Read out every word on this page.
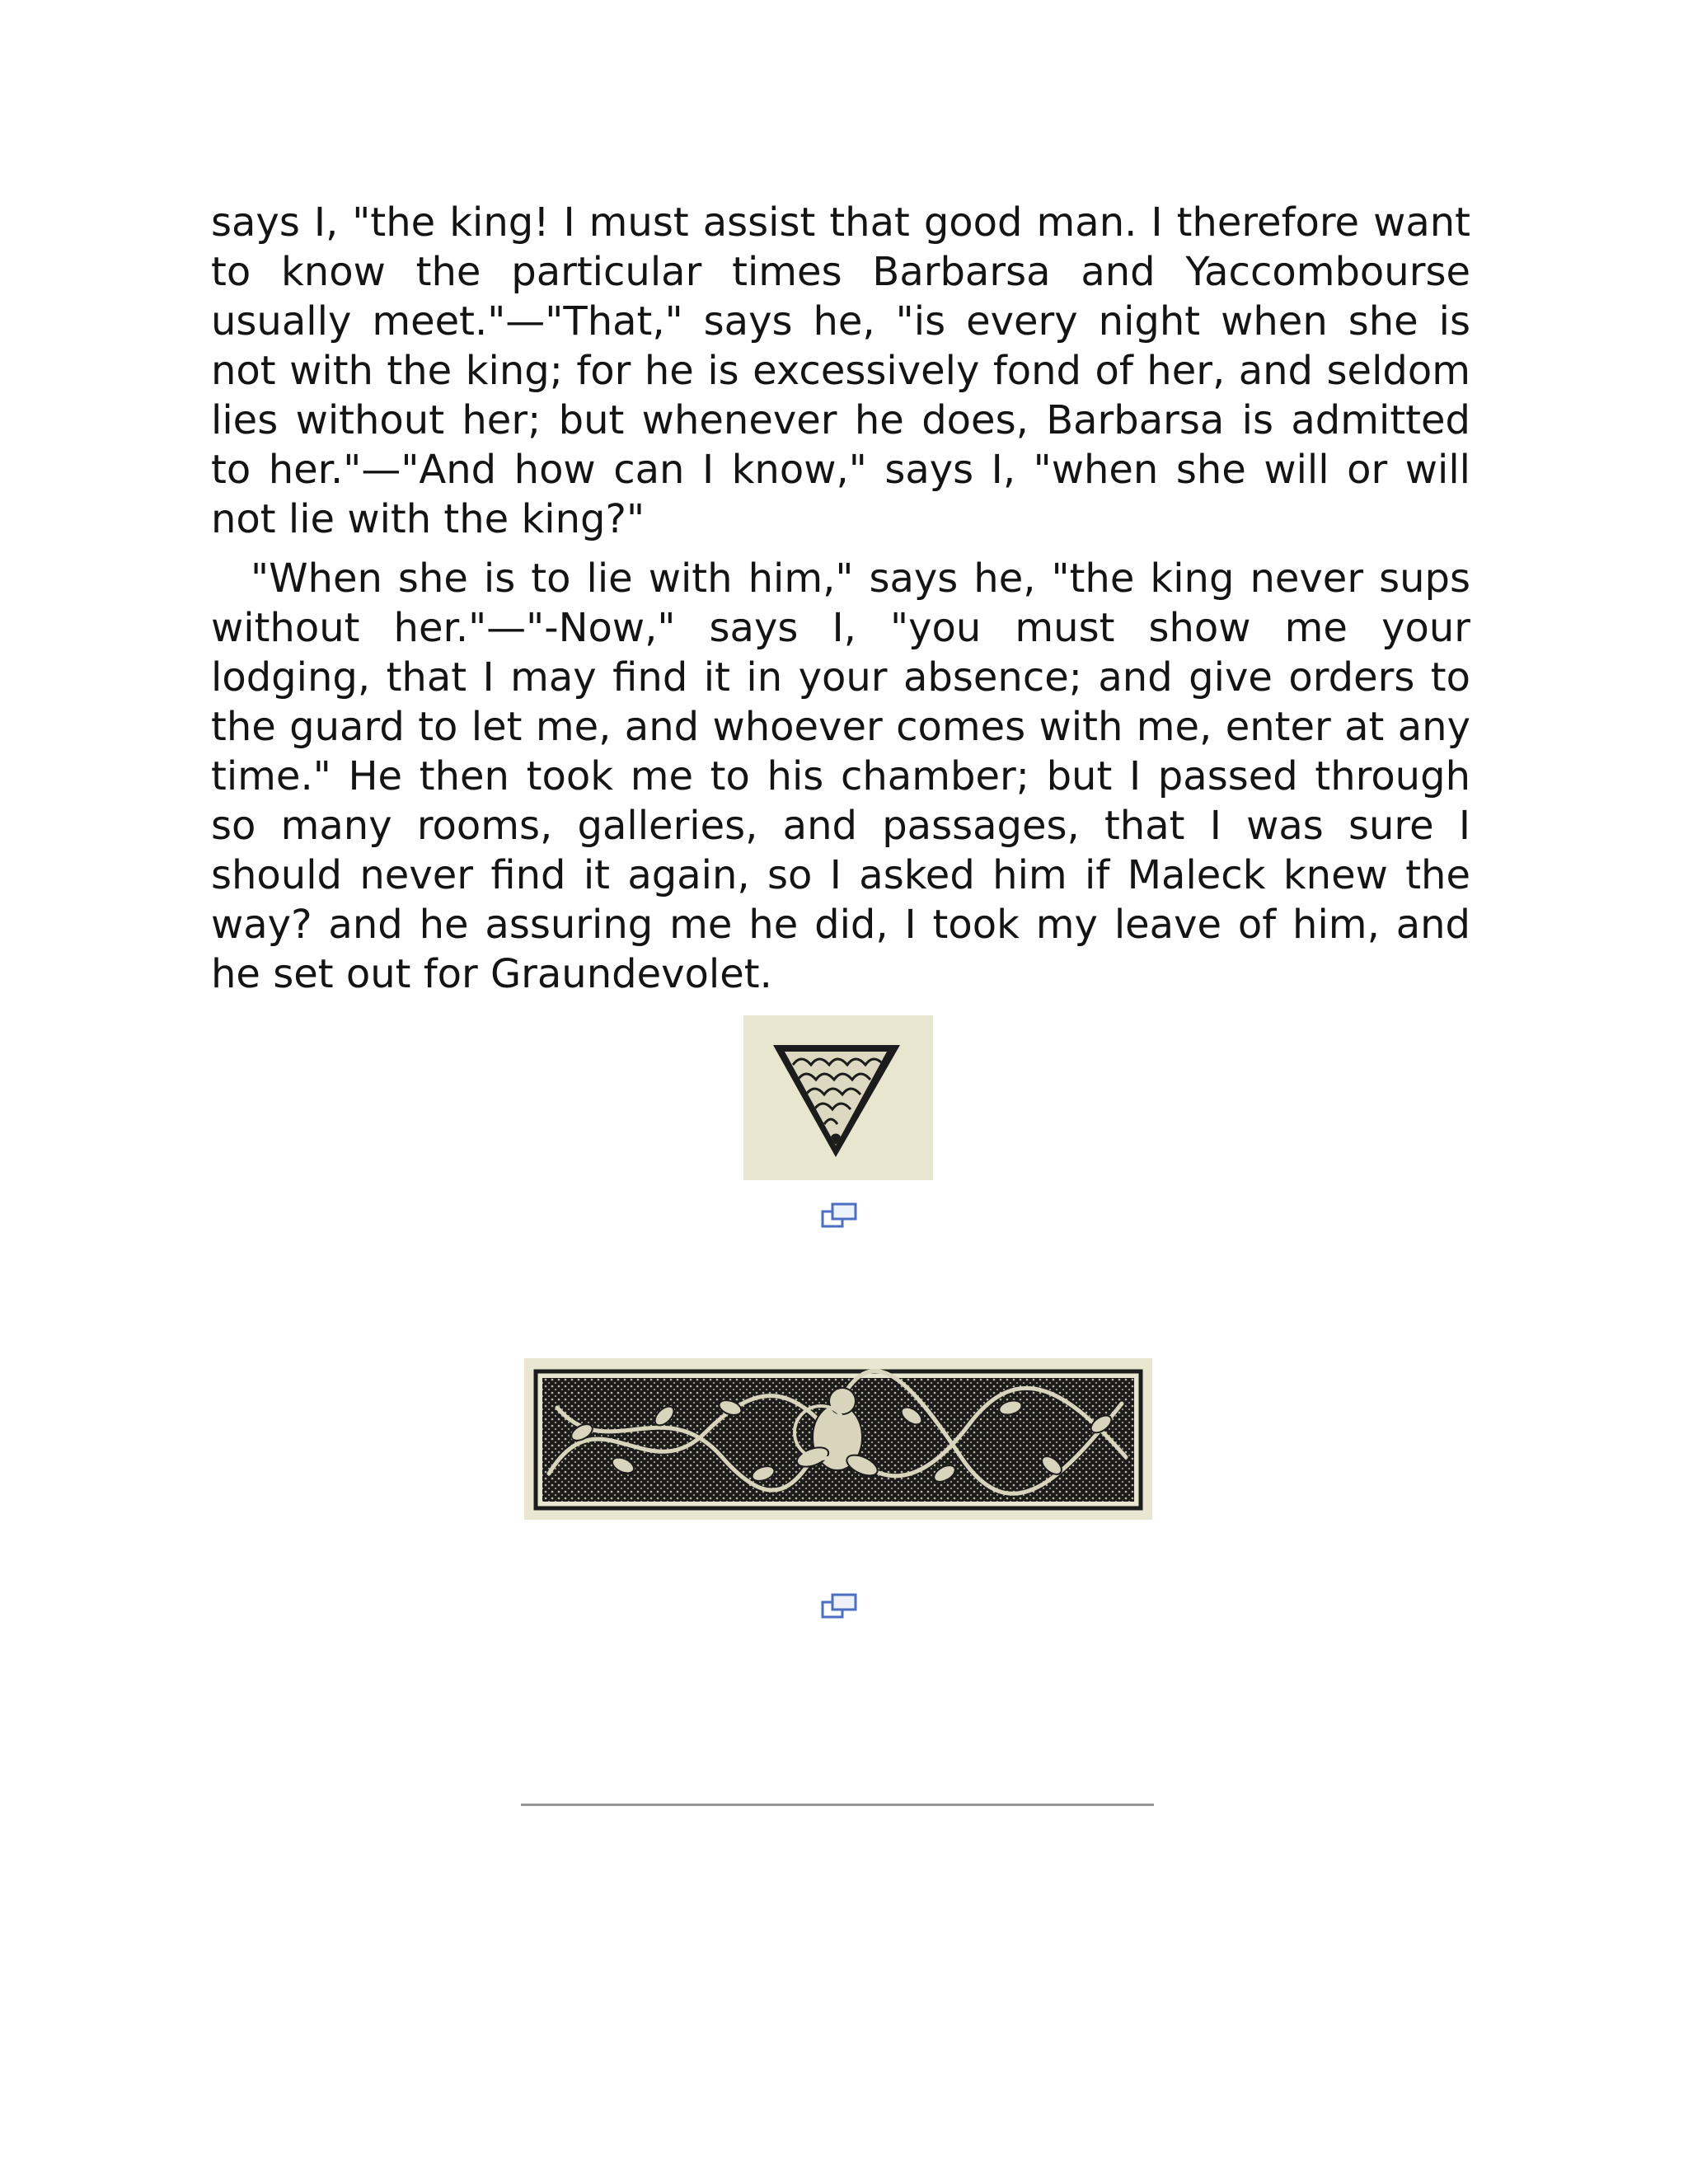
says I, "the king! I must assist that good man. I therefore want to know the particular times Barbarsa and Yaccombourse usually meet."—"That," says he, "is every night when she is not with the king; for he is excessively fond of her, and seldom lies without her; but whenever he does, Barbarsa is admitted to her."—"And how can I know," says I, "when she will or will not lie with the king?"

"When she is to lie with him," says he, "the king never sups without her."—"-Now," says I, "you must show me your lodging, that I may find it in your absence; and give orders to the guard to let me, and whoever comes with me, enter at any time." He then took me to his chamber; but I passed through so many rooms, galleries, and passages, that I was sure I should never find it again, so I asked him if Maleck knew the way? and he assuring me he did, I took my leave of him, and he set out for Graundevolet.
